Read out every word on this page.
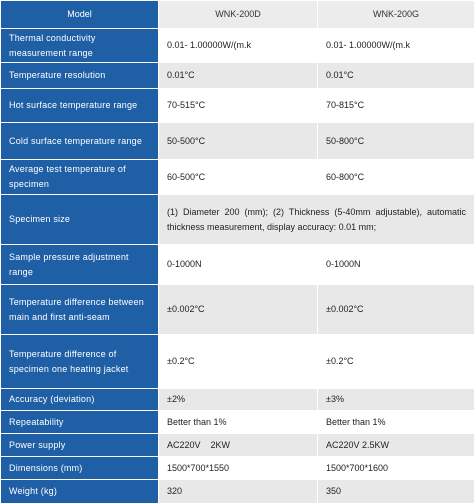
Model	WNK-200D	WNK-200G
Thermal conductivity measurement range	0.01- 1.00000W/(m.k	0.01- 1.00000W/(m.k
Temperature resolution	0.01°C	0.01°C
Hot surface temperature range	70-515°C	70-815°C
Cold surface temperature range	50-500°C	50-800°C
Average test temperature of specimen	60-500°C	60-800°C
Specimen size	(1) Diameter 200 (mm); (2) Thickness (5-40mm adjustable), automatic thickness measurement, display accuracy: 0.01 mm;	
Sample pressure adjustment range	0-1000N	0-1000N
Temperature difference between main and first anti-seam	±0.002°C	±0.002°C
Temperature difference of specimen one heating jacket	±0.2°C	±0.2°C
Accuracy (deviation)	±2%	±3%
Repeatability	Better than 1%	Better than 1%
Power supply	AC220V    2KW	AC220V 2.5KW
Dimensions (mm)	1500*700*1550	1500*700*1600
Weight (kg)	320	350
